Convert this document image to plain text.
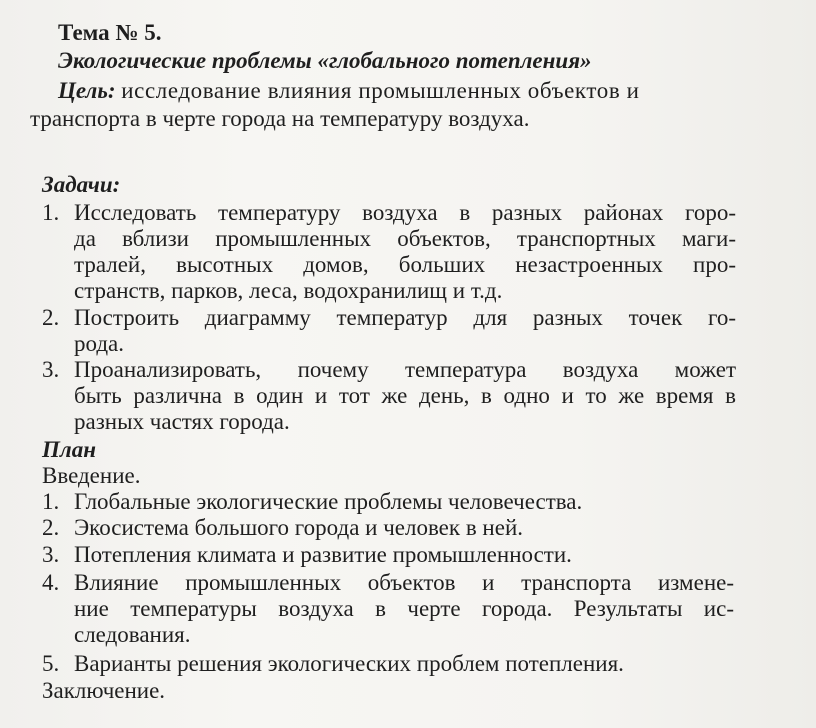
Тема № 5.
Экологические проблемы «глобального потепления»
Цель: исследование влияния промышленных объектов и
транспорта в черте города на температуру воздуха.
Задачи:
1. Исследовать температуру воздуха в разных районах горо-
да вблизи промышленных объектов, транспортных маги-
тралей, высотных домов, больших незастроенных про-
странств, парков, леса, водохранилищ и т.д.
2. Построить диаграмму температур для разных точек го-
рода.
3. Проанализировать, почему температура воздуха может
быть различна в один и тот же день, в одно и то же время в
разных частях города.
План
Введение.
1. Глобальные экологические проблемы человечества.
2. Экосистема большого города и человек в ней.
3. Потепления климата и развитие промышленности.
4. Влияние промышленных объектов и транспорта измене-
ние температуры воздуха в черте города. Результаты ис-
следования.
5. Варианты решения экологических проблем потепления.
Заключение.
